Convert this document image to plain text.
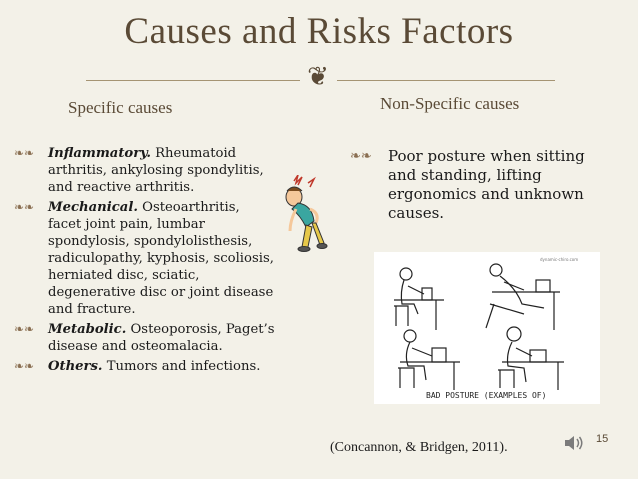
Causes and Risks Factors
❦
Specific causes	Non-Specific causes
❧❧	Inflammatory. Rheumatoid arthritis, ankylosing spondylitis, and reactive arthritis.
❧❧	Mechanical. Osteoarthritis, facet joint pain, lumbar spondylosis, spondylolisthesis, radiculopathy, kyphosis, scoliosis, herniated disc, sciatic, degenerative disc or joint disease and fracture.
❧❧	Metabolic. Osteoporosis, Paget’s disease and osteomalacia.
❧❧	Others. Tumors and infections.
❧❧	Poor posture when sitting and standing, lifting ergonomics and unknown causes.
BAD POSTURE (EXAMPLES OF)
dynamic-chiro.com
(Concannon, & Bridgen, 2011).
15
